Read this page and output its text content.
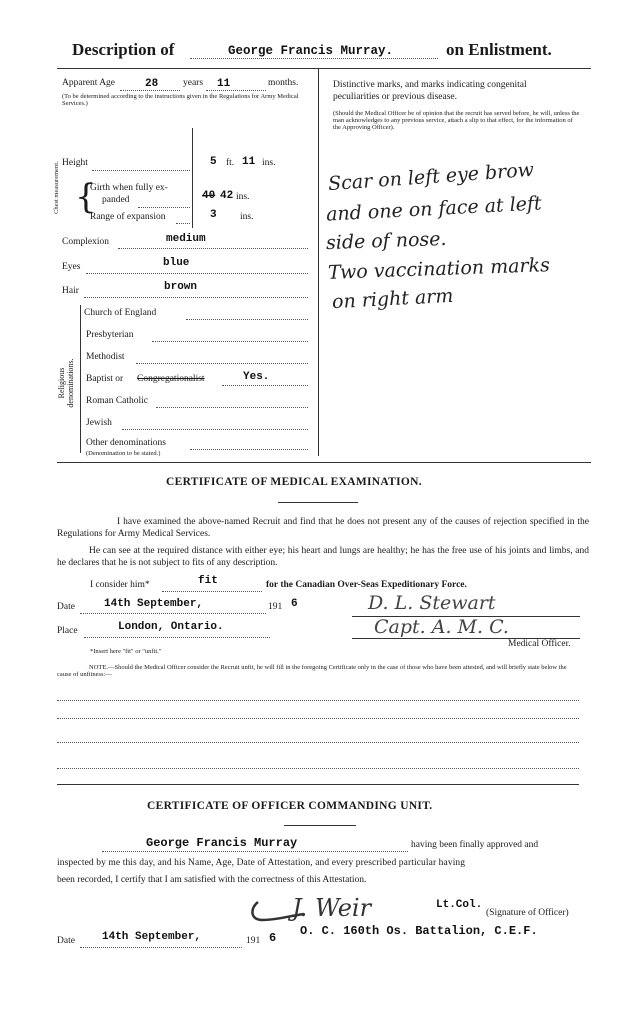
Description of	George Francis Murray.	on Enlistment.
Apparent Age	28	years 11	months.
(To be determined according to the instructions given in the Regulations for Army Medical Services.)
Height	5 ft. 11 ins.
Chest measurement. {
Girth when fully ex-
panded	40 42 ins.
Range of expansion	3 ins.
Complexion	medium
Eyes	blue
Hair	brown
Religious denominations.
Church of England
Presbyterian
Methodist
Baptist or Congregationalist	Yes.
Roman Catholic
Jewish
Other denominations
(Denomination to be stated.)
Distinctive marks, and marks indicating congenital
peculiarities or previous disease.
(Should the Medical Officer be of opinion that the recruit has served before, he will, unless the man acknowledges to any previous service, attach a slip to that effect, for the information of the Approving Officer).
Scar on left eye brow
and one on face at left
side of nose.
Two vaccination marks
on right arm
CERTIFICATE OF MEDICAL EXAMINATION.
I have examined the above-named Recruit and find that he does not present any of the causes of rejection specified in the Regulations for Army Medical Services.
He can see at the required distance with either eye; his heart and lungs are healthy; he has the free use of his joints and limbs, and he declares that he is not subject to fits of any description.
I consider him*	fit	for the Canadian Over-Seas Expeditionary Force.
Date	14th September,	191 6	D. L. Stewart
Place	London, Ontario.	Capt. A. M. C.
Medical Officer.
*Insert here "fit" or "unfit."
NOTE.—Should the Medical Officer consider the Recruit unfit, he will fill in the foregoing Certificate only in the case of those who have been attested, and will briefly state below the cause of unfitness:—
CERTIFICATE OF OFFICER COMMANDING UNIT.
George Francis Murray	having been finally approved and
inspected by me this day, and his Name, Age, Date of Attestation, and every prescribed particular having
been recorded, I certify that I am satisfied with the correctness of this Attestation.
J. Weir	Lt.Col.
(Signature of Officer)
Date 14th September,	191 6 O. C. 160th Os. Battalion, C.E.F.
